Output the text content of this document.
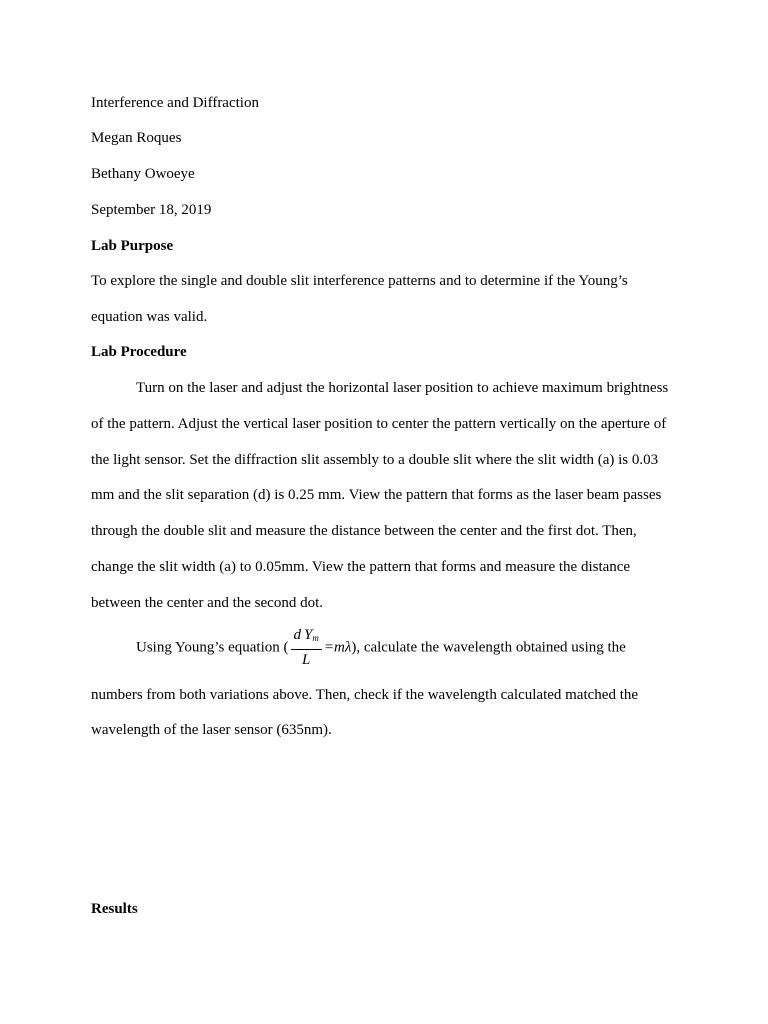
Interference and Diffraction

Megan Roques

Bethany Owoeye

September 18, 2019

Lab Purpose

To explore the single and double slit interference patterns and to determine if the Young’s

equation was valid.

Lab Procedure

Turn on the laser and adjust the horizontal laser position to achieve maximum brightness

of the pattern. Adjust the vertical laser position to center the pattern vertically on the aperture of

the light sensor. Set the diffraction slit assembly to a double slit where the slit width (a) is 0.03

mm and the slit separation (d) is 0.25 mm. View the pattern that forms as the laser beam passes

through the double slit and measure the distance between the center and the first dot. Then,

change the slit width (a) to 0.05mm. View the pattern that forms and measure the distance

between the center and the second dot.

Using Young’s equation ( $\frac{d Y_m}{L} =m\lambda$), calculate the wavelength obtained using the

numbers from both variations above. Then, check if the wavelength calculated matched the

wavelength of the laser sensor (635nm).

Results
